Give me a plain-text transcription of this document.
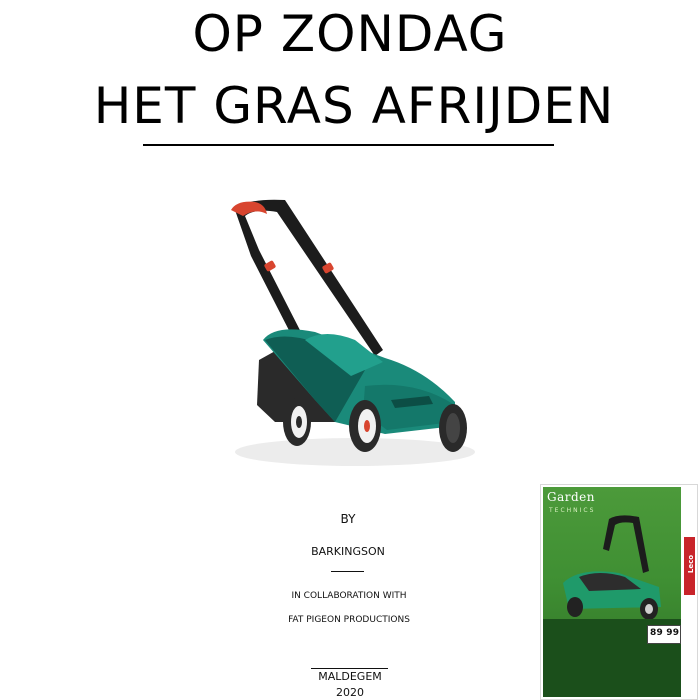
OP ZONDAG
HET GRAS AFRIJDEN
BY
BARKINGSON
IN COLLABORATION WITH
FAT PIGEON PRODUCTIONS
MALDEGEM
2020
Garden
TECHNICS
89 99
Leco
